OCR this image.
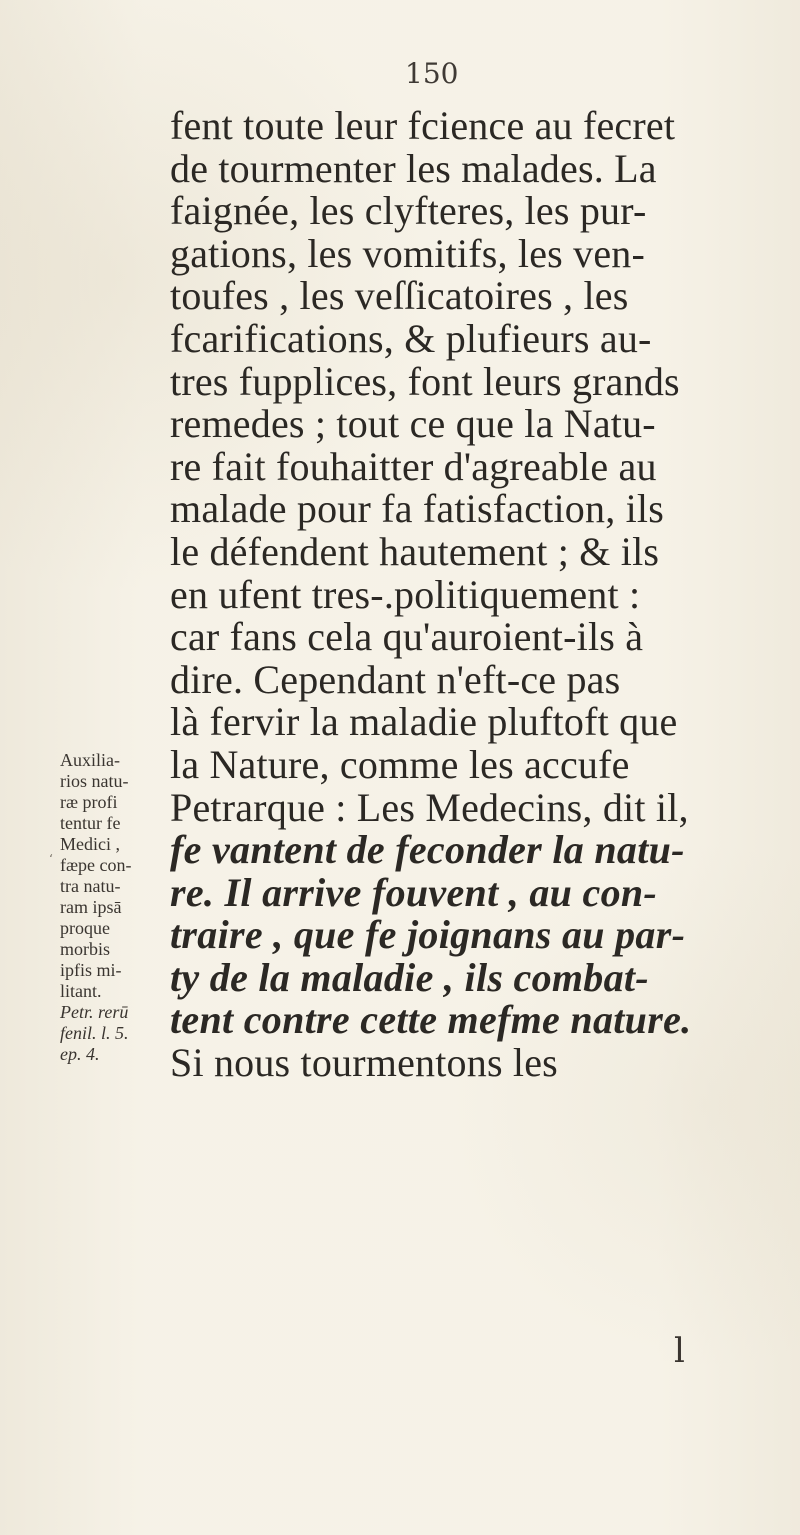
150
fent toute leur fcience au fecret
de tourmenter les malades. La
faignée, les clyfteres, les pur-
gations, les vomitifs, les ven-
toufes , les veſſicatoires , les
fcarifications, & plufieurs au-
tres fupplices, font leurs grands
remedes ; tout ce que la Natu-
re fait fouhaitter d'agreable au
malade pour fa fatisfaction, ils
le défendent hautement ; & ils
en ufent tres-.politiquement :
car fans cela qu'auroient-ils à
dire. Cependant n'eft-ce pas
là fervir la maladie pluftoft que
la Nature, comme les accufe
Petrarque : Les Medecins, dit il,
fe vantent de feconder la natu-
re. Il arrive fouvent , au con-
traire , que fe joignans au par-
ty de la maladie , ils combat-
tent contre cette mefme nature.
Si nous tourmentons les
‘
Auxilia-
rios natu-
ræ profi
tentur fe
Medici ,
fæpe con-
tra natu-
ram ipsā
proque
morbis
ipfis mi-
litant.
Petr. rerū
fenil. l. 5.
ep. 4.
l
